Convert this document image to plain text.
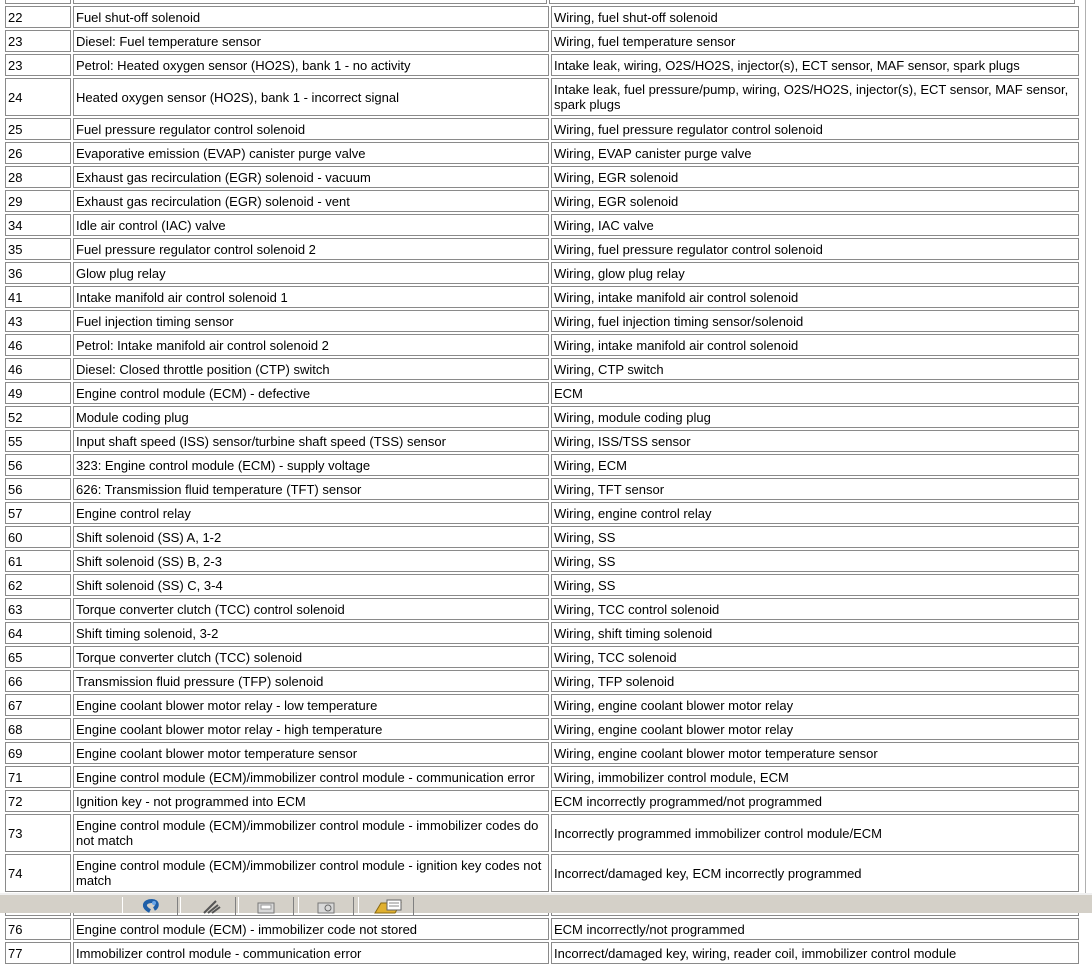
22	Fuel shut-off solenoid	Wiring, fuel shut-off solenoid
23	Diesel: Fuel temperature sensor	Wiring, fuel temperature sensor
23	Petrol: Heated oxygen sensor (HO2S), bank 1 - no activity	Intake leak, wiring, O2S/HO2S, injector(s), ECT sensor, MAF sensor, spark plugs
24	Heated oxygen sensor (HO2S), bank 1 - incorrect signal	Intake leak, fuel pressure/pump, wiring, O2S/HO2S, injector(s), ECT sensor, MAF sensor, spark plugs
25	Fuel pressure regulator control solenoid	Wiring, fuel pressure regulator control solenoid
26	Evaporative emission (EVAP) canister purge valve	Wiring, EVAP canister purge valve
28	Exhaust gas recirculation (EGR) solenoid - vacuum	Wiring, EGR solenoid
29	Exhaust gas recirculation (EGR) solenoid - vent	Wiring, EGR solenoid
34	Idle air control (IAC) valve	Wiring, IAC valve
35	Fuel pressure regulator control solenoid 2	Wiring, fuel pressure regulator control solenoid
36	Glow plug relay	Wiring, glow plug relay
41	Intake manifold air control solenoid 1	Wiring, intake manifold air control solenoid
43	Fuel injection timing sensor	Wiring, fuel injection timing sensor/solenoid
46	Petrol: Intake manifold air control solenoid 2	Wiring, intake manifold air control solenoid
46	Diesel: Closed throttle position (CTP) switch	Wiring, CTP switch
49	Engine control module (ECM) - defective	ECM
52	Module coding plug	Wiring, module coding plug
55	Input shaft speed (ISS) sensor/turbine shaft speed (TSS) sensor	Wiring, ISS/TSS sensor
56	323: Engine control module (ECM) - supply voltage	Wiring, ECM
56	626: Transmission fluid temperature (TFT) sensor	Wiring, TFT sensor
57	Engine control relay	Wiring, engine control relay
60	Shift solenoid (SS) A, 1-2	Wiring, SS
61	Shift solenoid (SS) B, 2-3	Wiring, SS
62	Shift solenoid (SS) C, 3-4	Wiring, SS
63	Torque converter clutch (TCC) control solenoid	Wiring, TCC control solenoid
64	Shift timing solenoid, 3-2	Wiring, shift timing solenoid
65	Torque converter clutch (TCC) solenoid	Wiring, TCC solenoid
66	Transmission fluid pressure (TFP) solenoid	Wiring, TFP solenoid
67	Engine coolant blower motor relay - low temperature	Wiring, engine coolant blower motor relay
68	Engine coolant blower motor relay - high temperature	Wiring, engine coolant blower motor relay
69	Engine coolant blower motor temperature sensor	Wiring, engine coolant blower motor temperature sensor
71	Engine control module (ECM)/immobilizer control module - communication error	Wiring, immobilizer control module, ECM
72	Ignition key - not programmed into ECM	ECM incorrectly programmed/not programmed
73	Engine control module (ECM)/immobilizer control module - immobilizer codes do not match	Incorrectly programmed immobilizer control module/ECM
74	Engine control module (ECM)/immobilizer control module - ignition key codes not match	Incorrect/damaged key, ECM incorrectly programmed

76	Engine control module (ECM) - immobilizer code not stored	ECM incorrectly/not programmed
77	Immobilizer control module - communication error	Incorrect/damaged key, wiring, reader coil, immobilizer control module
